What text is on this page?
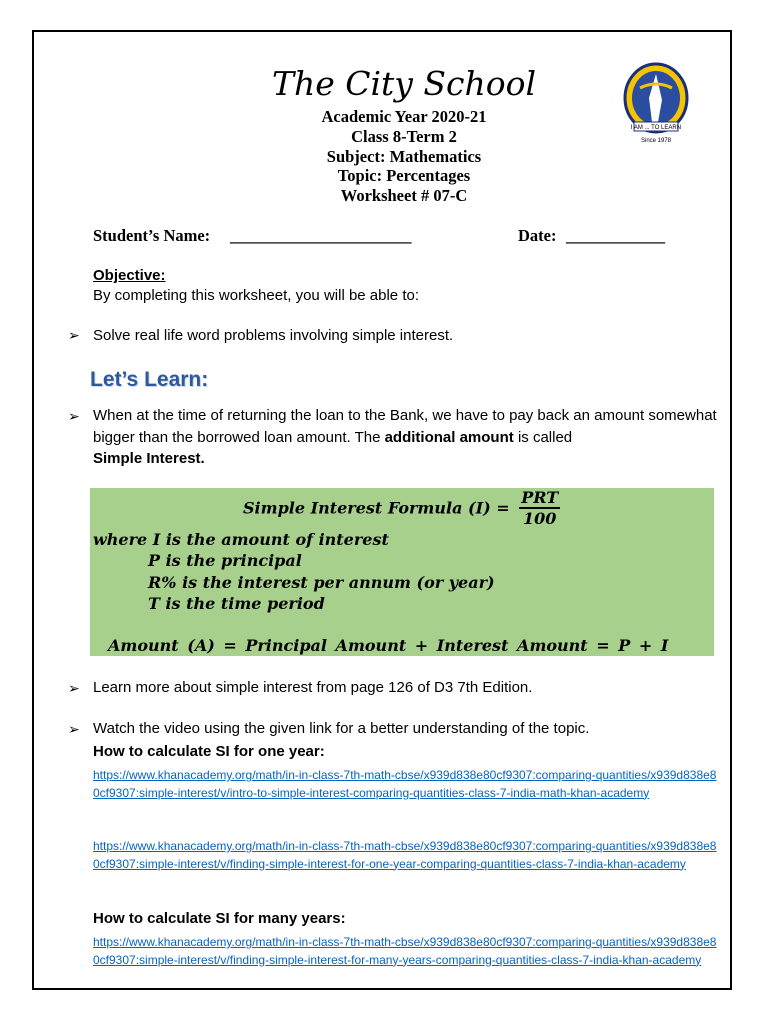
The City School
I AM ... TO LEARN
Since 1978
Academic Year 2020-21
Class 8-Term 2
Subject: Mathematics
Topic: Percentages
Worksheet # 07-C
Student’s Name: ______________________	Date: ____________
Objective:
By completing this worksheet, you will be able to:
➢ Solve real life word problems involving simple interest.
Let’s Learn:
➢ When at the time of returning the loan to the Bank, we have to pay back an amount somewhat bigger than the borrowed loan amount. The additional amount is called
Simple Interest.
Simple Interest Formula $(I) = \frac{\text{PRT}}{100}$
where I is the amount of interest
P is the principal
R% is the interest per annum (or year)
T is the time period
Amount (A) = Principal Amount + Interest Amount = P + I
➢ Learn more about simple interest from page 126 of D3 7th Edition.
➢ Watch the video using the given link for a better understanding of the topic.
How to calculate SI for one year:
https://www.khanacademy.org/math/in-in-class-7th-math-cbse/x939d838e80cf9307:comparing-quantities/x939d838e80cf9307:simple-interest/v/intro-to-simple-interest-comparing-quantities-class-7-india-math-khan-academy
https://www.khanacademy.org/math/in-in-class-7th-math-cbse/x939d838e80cf9307:comparing-quantities/x939d838e80cf9307:simple-interest/v/finding-simple-interest-for-one-year-comparing-quantities-class-7-india-khan-academy
How to calculate SI for many years:
https://www.khanacademy.org/math/in-in-class-7th-math-cbse/x939d838e80cf9307:comparing-quantities/x939d838e80cf9307:simple-interest/v/finding-simple-interest-for-many-years-comparing-quantities-class-7-india-khan-academy
